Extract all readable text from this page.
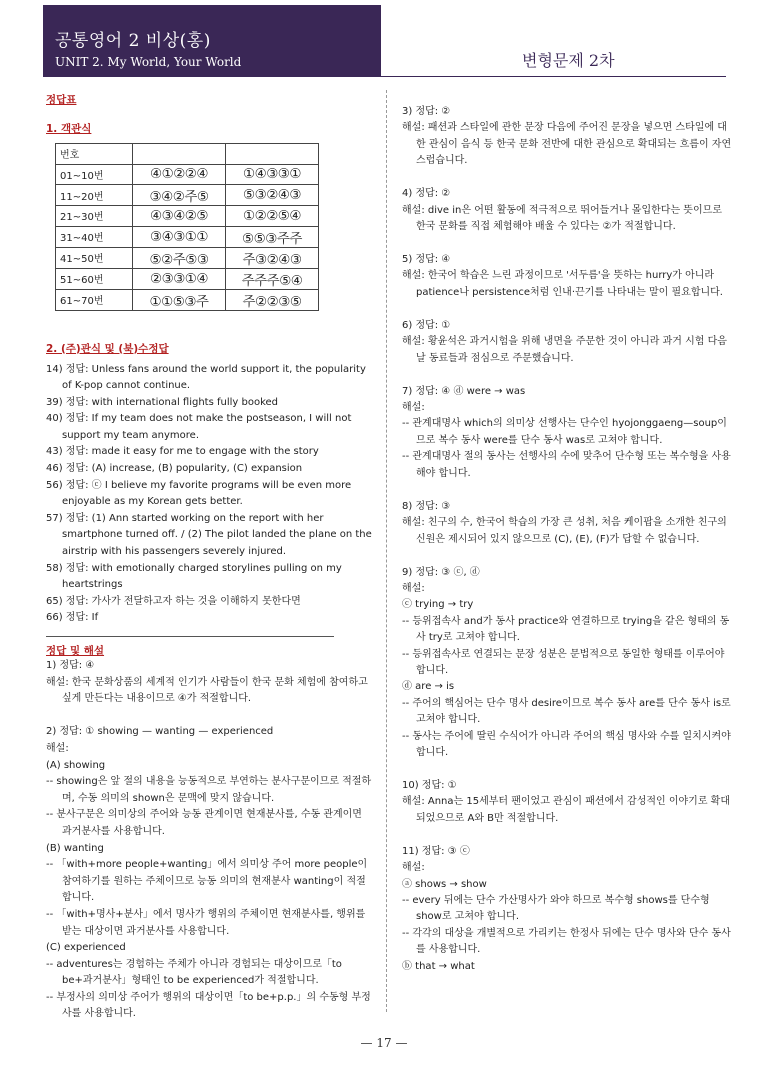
공통영어 2 비상(홍)
UNIT 2. My World, Your World	변형문제 2차
정답표
1. 객관식
번호		
01~10번	④①②②④	①④③③①
11~20번	③④②주⑤	⑤③②④③
21~30번	④③④②⑤	①②②⑤④
31~40번	③④③①①	⑤⑤③주주
41~50번	⑤②주⑤③	주③②④③
51~60번	②③③①④	주주주⑤④
61~70번	①①⑤③주	주②②③⑤
2. (주)관식 및 (북)수정답
14) 정답: Unless fans around the world support it, the popularity of K-pop cannot continue.
39) 정답: with international flights fully booked
40) 정답: If my team does not make the postseason, I will not support my team anymore.
43) 정답: made it easy for me to engage with the story
46) 정답: (A) increase, (B) popularity, (C) expansion
56) 정답: ⓒ I believe my favorite programs will be even more enjoyable as my Korean gets better.
57) 정답: (1) Ann started working on the report with her smartphone turned off. / (2) The pilot landed the plane on the airstrip with his passengers severely injured.
58) 정답: with emotionally charged storylines pulling on my heartstrings
65) 정답: 가사가 전달하고자 하는 것을 이해하지 못한다면
66) 정답: If
정답 및 해설
1) 정답: ④
해설: 한국 문화상품의 세계적 인기가 사람들이 한국 문화 체험에 참여하고 싶게 만든다는 내용이므로 ④가 적절합니다.
2) 정답: ① showing — wanting — experienced
해설:
(A) showing
-- showing은 앞 절의 내용을 능동적으로 부연하는 분사구문이므로 적절하며, 수동 의미의 shown은 문맥에 맞지 않습니다.
-- 분사구문은 의미상의 주어와 능동 관계이면 현재분사를, 수동 관계이면 과거분사를 사용합니다.
(B) wanting
-- 「with+more people+wanting」에서 의미상 주어 more people이 참여하기를 원하는 주체이므로 능동 의미의 현재분사 wanting이 적절합니다.
-- 「with+명사+분사」에서 명사가 행위의 주체이면 현재분사를, 행위를 받는 대상이면 과거분사를 사용합니다.
(C) experienced
-- adventures는 경험하는 주체가 아니라 경험되는 대상이므로「to be+과거분사」형태인 to be experienced가 적절합니다.
-- 부정사의 의미상 주어가 행위의 대상이면「to be+p.p.」의 수동형 부정사를 사용합니다.
3) 정답: ②
해설: 패션과 스타일에 관한 문장 다음에 주어진 문장을 넣으면 스타일에 대한 관심이 음식 등 한국 문화 전반에 대한 관심으로 확대되는 흐름이 자연스럽습니다.
4) 정답: ②
해설: dive in은 어떤 활동에 적극적으로 뛰어들거나 몰입한다는 뜻이므로 한국 문화를 직접 체험해야 배울 수 있다는 ②가 적절합니다.
5) 정답: ④
해설: 한국어 학습은 느린 과정이므로 '서두름'을 뜻하는 hurry가 아니라 patience나 persistence처럼 인내·끈기를 나타내는 말이 필요합니다.
6) 정답: ①
해설: 황윤석은 과거시험을 위해 냉면을 주문한 것이 아니라 과거 시험 다음 날 동료들과 점심으로 주문했습니다.
7) 정답: ④ ⓓ were → was
해설:
-- 관계대명사 which의 의미상 선행사는 단수인 hyojonggaeng—soup이므로 복수 동사 were를 단수 동사 was로 고쳐야 합니다.
-- 관계대명사 절의 동사는 선행사의 수에 맞추어 단수형 또는 복수형을 사용해야 합니다.
8) 정답: ③
해설: 친구의 수, 한국어 학습의 가장 큰 성취, 처음 케이팝을 소개한 친구의 신원은 제시되어 있지 않으므로 (C), (E), (F)가 답할 수 없습니다.
9) 정답: ③ ⓒ, ⓓ
해설:
ⓒ trying → try
-- 등위접속사 and가 동사 practice와 연결하므로 trying을 같은 형태의 동사 try로 고쳐야 합니다.
-- 등위접속사로 연결되는 문장 성분은 문법적으로 동일한 형태를 이루어야 합니다.
ⓓ are → is
-- 주어의 핵심어는 단수 명사 desire이므로 복수 동사 are를 단수 동사 is로 고쳐야 합니다.
-- 동사는 주어에 딸린 수식어가 아니라 주어의 핵심 명사와 수를 일치시켜야 합니다.
10) 정답: ①
해설: Anna는 15세부터 팬이었고 관심이 패션에서 감성적인 이야기로 확대되었으므로 A와 B만 적절합니다.
11) 정답: ③ ⓒ
해설:
ⓐ shows → show
-- every 뒤에는 단수 가산명사가 와야 하므로 복수형 shows를 단수형 show로 고쳐야 합니다.
-- 각각의 대상을 개별적으로 가리키는 한정사 뒤에는 단수 명사와 단수 동사를 사용합니다.
ⓑ that → what
— 17 —
